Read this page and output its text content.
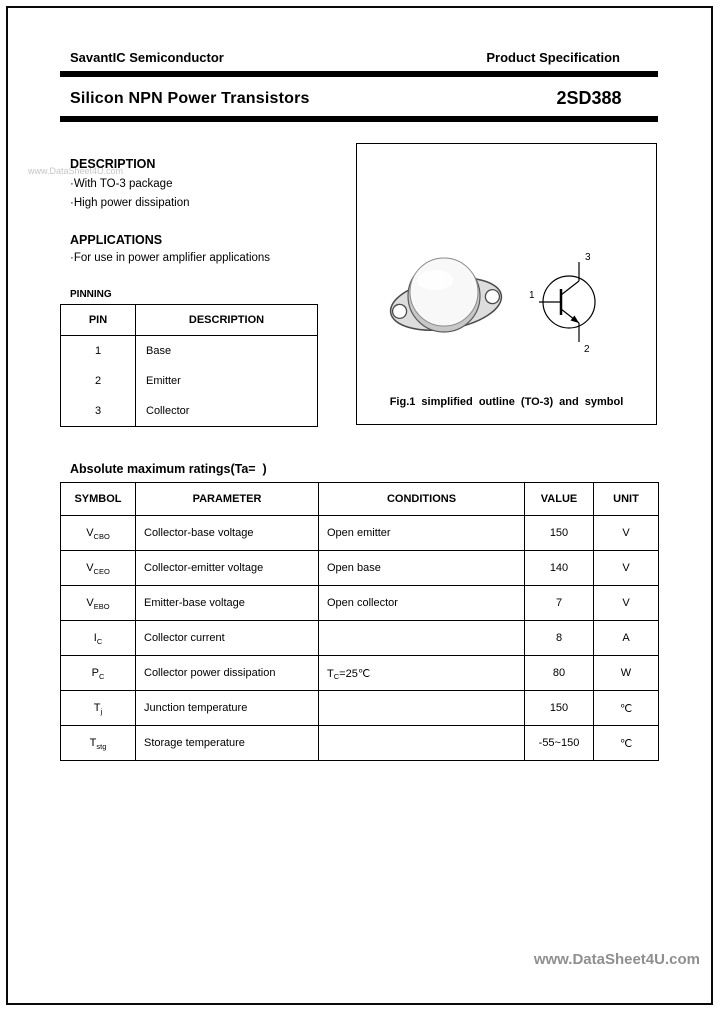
SavantIC Semiconductor	Product Specification
Silicon NPN Power Transistors	2SD388
www.DataSheet4U.com
DESCRIPTION
·With TO-3 package
·High power dissipation
APPLICATIONS
·For use in power amplifier applications
PINNING
PIN	DESCRIPTION
1	Base
2	Emitter
3	Collector
3
1
2
Fig.1 simplified outline (TO-3) and symbol
Absolute maximum ratings(Ta=  )
SYMBOL	PARAMETER	CONDITIONS	VALUE	UNIT
$V_{CBO}$	Collector-base voltage	Open emitter	150	V
$V_{CEO}$	Collector-emitter voltage	Open base	140	V
$V_{EBO}$	Emitter-base voltage	Open collector	7	V
$I_C$	Collector current		8	A
$P_C$	Collector power dissipation	$T_C=25℃$	80	W
$T_j$	Junction temperature		150	℃
$T_{stg}$	Storage temperature		-55~150	℃
www.DataSheet4U.com
